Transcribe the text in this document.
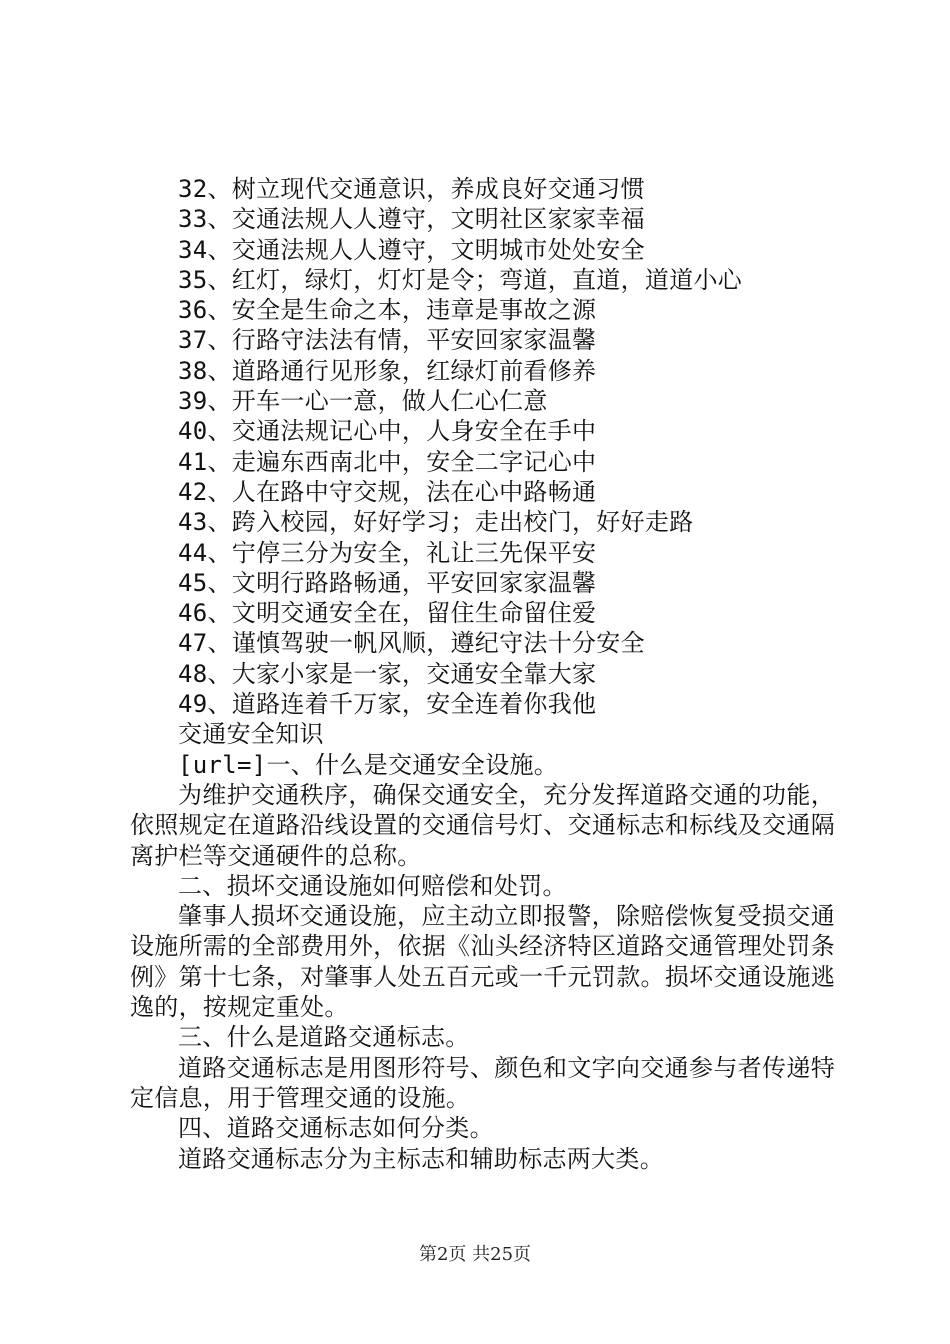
32、树立现代交通意识，养成良好交通习惯
33、交通法规人人遵守，文明社区家家幸福
34、交通法规人人遵守，文明城市处处安全
35、红灯，绿灯，灯灯是令；弯道，直道，道道小心
36、安全是生命之本，违章是事故之源
37、行路守法法有情，平安回家家温馨
38、道路通行见形象，红绿灯前看修养
39、开车一心一意，做人仁心仁意
40、交通法规记心中，人身安全在手中
41、走遍东西南北中，安全二字记心中
42、人在路中守交规，法在心中路畅通
43、跨入校园，好好学习；走出校门，好好走路
44、宁停三分为安全，礼让三先保平安
45、文明行路路畅通，平安回家家温馨
46、文明交通安全在，留住生命留住爱
47、谨慎驾驶一帆风顺，遵纪守法十分安全
48、大家小家是一家，交通安全靠大家
49、道路连着千万家，安全连着你我他
交通安全知识
[url=]一、什么是交通安全设施。

为维护交通秩序，确保交通安全，充分发挥道路交通的功能，依照规定在道路沿线设置的交通信号灯、交通标志和标线及交通隔离护栏等交通硬件的总称。

二、损坏交通设施如何赔偿和处罚。

肇事人损坏交通设施，应主动立即报警，除赔偿恢复受损交通设施所需的全部费用外，依据《汕头经济特区道路交通管理处罚条例》第十七条，对肇事人处五百元或一千元罚款。损坏交通设施逃逸的，按规定重处。

三、什么是道路交通标志。

道路交通标志是用图形符号、颜色和文字向交通参与者传递特定信息，用于管理交通的设施。

四、道路交通标志如何分类。

道路交通标志分为主标志和辅助标志两大类。

第2页 共25页
